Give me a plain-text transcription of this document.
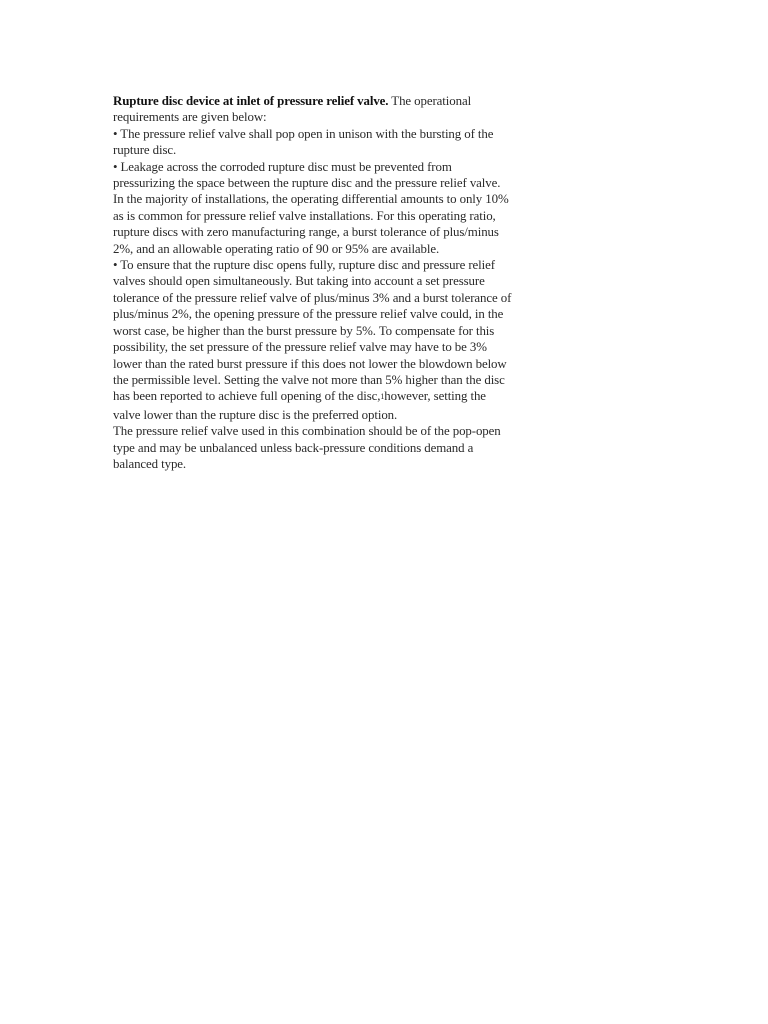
Rupture disc device at inlet of pressure relief valve. The operational requirements are given below:

• The pressure relief valve shall pop open in unison with the bursting of the rupture disc.

• Leakage across the corroded rupture disc must be prevented from pressurizing the space between the rupture disc and the pressure relief valve.

In the majority of installations, the operating differential amounts to only 10% as is common for pressure relief valve installations. For this operating ratio, rupture discs with zero manufacturing range, a burst tolerance of plus/minus 2%, and an allowable operating ratio of 90 or 95% are available.

• To ensure that the rupture disc opens fully, rupture disc and pressure relief valves should open simultaneously. But taking into account a set pressure tolerance of the pressure relief valve of plus/minus 3% and a burst tolerance of plus/minus 2%, the opening pressure of the pressure relief valve could, in the worst case, be higher than the burst pressure by 5%. To compensate for this possibility, the set pressure of the pressure relief valve may have to be 3% lower than the rated burst pressure if this does not lower the blowdown below the permissible level. Setting the valve not more than 5% higher than the disc has been reported to achieve full opening of the disc,1however, setting the valve lower than the rupture disc is the preferred option.

The pressure relief valve used in this combination should be of the pop-open type and may be unbalanced unless back-pressure conditions demand a balanced type.
